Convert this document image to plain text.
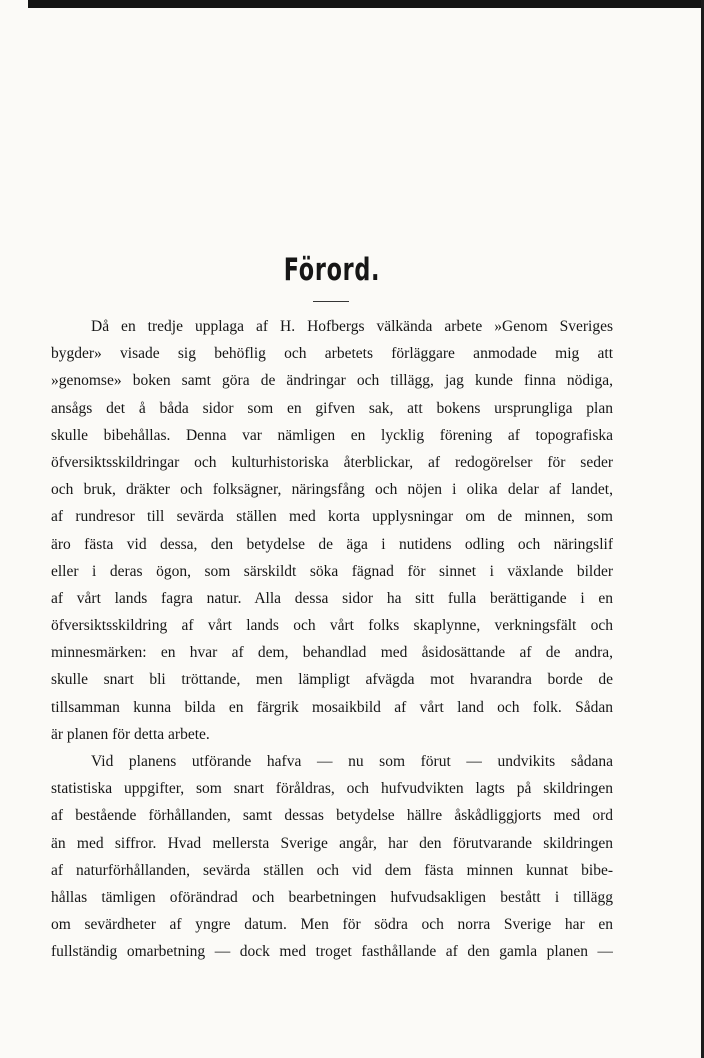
Förord.
Då en tredje upplaga af H. Hofbergs välkända arbete »Genom Sveriges
bygder» visade sig behöflig och arbetets förläggare anmodade mig att
»genomse» boken samt göra de ändringar och tillägg, jag kunde finna nödiga,
ansågs det å båda sidor som en gifven sak, att bokens ursprungliga plan
skulle bibehållas. Denna var nämligen en lycklig förening af topografiska
öfversiktsskildringar och kulturhistoriska återblickar, af redogörelser för seder
och bruk, dräkter och folksägner, näringsfång och nöjen i olika delar af landet,
af rundresor till sevärda ställen med korta upplysningar om de minnen, som
äro fästa vid dessa, den betydelse de äga i nutidens odling och näringslif
eller i deras ögon, som särskildt söka fägnad för sinnet i växlande bilder
af vårt lands fagra natur. Alla dessa sidor ha sitt fulla berättigande i en
öfversiktsskildring af vårt lands och vårt folks skaplynne, verkningsfält och
minnesmärken: en hvar af dem, behandlad med åsidosättande af de andra,
skulle snart bli tröttande, men lämpligt afvägda mot hvarandra borde de
tillsamman kunna bilda en färgrik mosaikbild af vårt land och folk. Sådan
är planen för detta arbete.
Vid planens utförande hafva — nu som förut — undvikits sådana
statistiska uppgifter, som snart föråldras, och hufvudvikten lagts på skildringen
af bestående förhållanden, samt dessas betydelse hällre åskådliggjorts med ord
än med siffror. Hvad mellersta Sverige angår, har den förutvarande skildringen
af naturförhållanden, sevärda ställen och vid dem fästa minnen kunnat bibe-
hållas tämligen oförändrad och bearbetningen hufvudsakligen bestått i tillägg
om sevärdheter af yngre datum. Men för södra och norra Sverige har en
fullständig omarbetning — dock med troget fasthållande af den gamla planen —
